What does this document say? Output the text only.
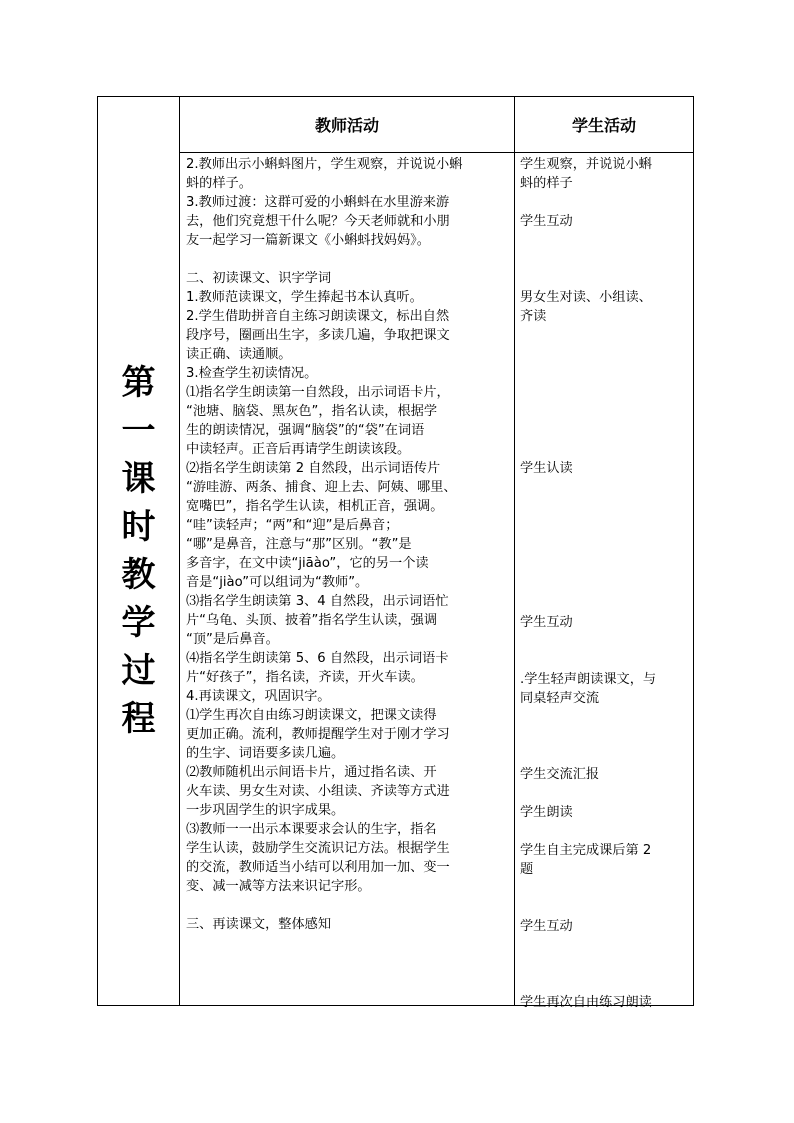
第
一
课
时
教
学
过
程
教师活动	学生活动

2.教师出示小蝌蚪图片，学生观察，并说说小蝌

蚪的样子。

3.教师过渡：这群可爱的小蝌蚪在水里游来游

去，他们究竟想干什么呢？今天老师就和小朋

友一起学习一篇新课文《小蝌蚪找妈妈》。

二、初读课文、识字学词

1.教师范读课文，学生捧起书本认真听。

2.学生借助拼音自主练习朗读课文，标出自然

段序号，圈画出生字，多读几遍，争取把课文

读正确、读通顺。

3.检查学生初读情况。

⑴指名学生朗读第一自然段，出示词语卡片，

“池塘、脑袋、黑灰色”，指名认读，根据学

生的朗读情况，强调“脑袋”的“袋”在词语

中读轻声。正音后再请学生朗读该段。

⑵指名学生朗读第 2 自然段，出示词语传片

“游哇游、两条、捕食、迎上去、阿姨、哪里、

宽嘴巴”，指名学生认读，相机正音，强调。

“哇”读轻声；“两”和“迎”是后鼻音；

“哪”是鼻音，注意与“那”区别。“教”是

多音字，在文中读“jiāào”，它的另一个读

音是“jiào”可以组词为“教师”。

⑶指名学生朗读第 3、4 自然段，出示词语忙

片“乌龟、头顶、披着”指名学生认读，强调

“顶”是后鼻音。

⑷指名学生朗读第 5、6 自然段，出示词语卡

片“好孩子”，指名读，齐读，开火车读。

4.再读课文，巩固识字。

⑴学生再次自由练习朗读课文，把课文读得

更加正确。流利，教师提醒学生对于刚才学习

的生字、词语要多读几遍。

⑵教师随机出示间语卡片，通过指名读、开

火车读、男女生对读、小组读、齐读等方式进

一步巩固学生的识字成果。

⑶教师一一出示本课要求会认的生字，指名

学生认读，鼓励学生交流识记方法。根据学生

的交流，教师适当小结可以利用加一加、变一

变、减一减等方法来识记字形。

三、再读课文，整体感知

学生观察，并说说小蝌

蚪的样子

学生互动

男女生对读、小组读、

齐读

学生认读

学生互动

.学生轻声朗读课文，与

同桌轻声交流

学生交流汇报

学生朗读

学生自主完成课后第 2

题

学生互动

学生再次自由练习朗读
